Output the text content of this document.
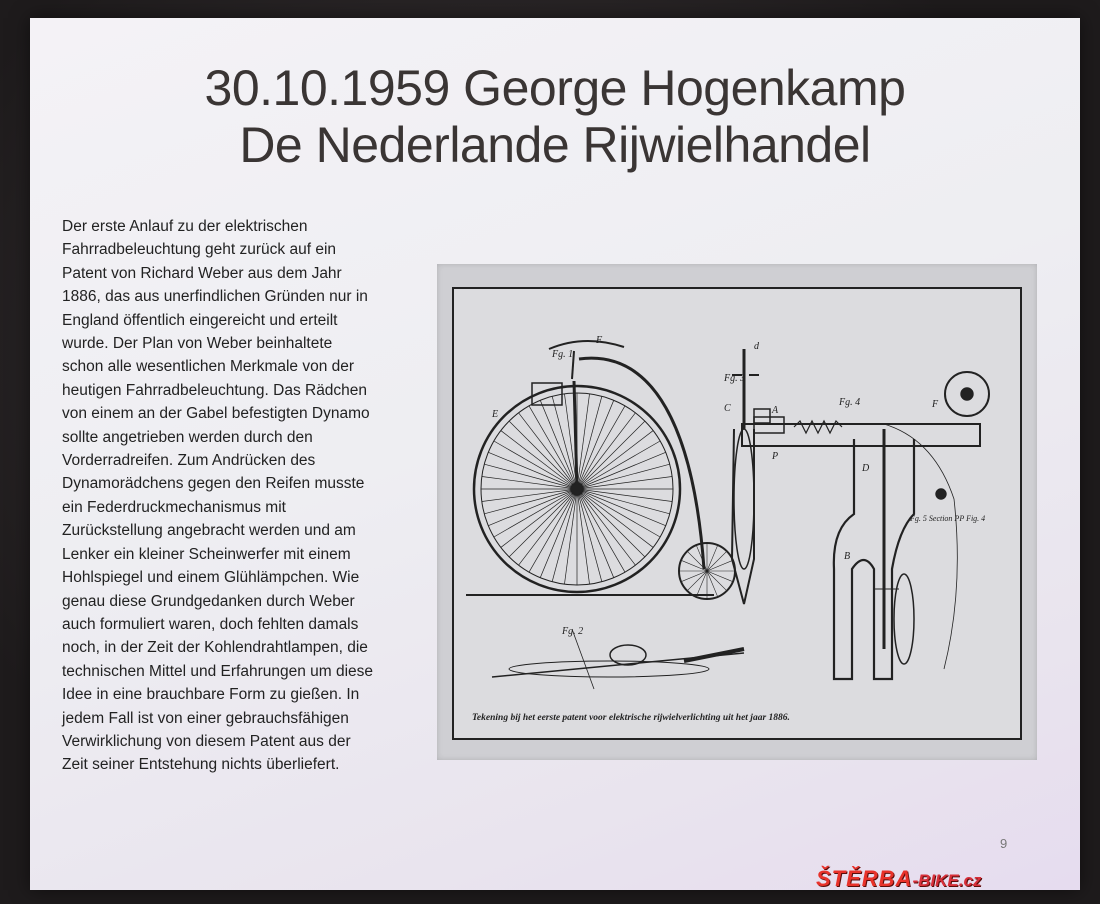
30.10.1959 George Hogenkamp
De Nederlande Rijwielhandel
Der erste Anlauf zu der elektrischen
Fahrradbeleuchtung geht zurück auf ein
Patent von Richard Weber aus dem Jahr
1886, das aus unerfindlichen Gründen nur in
England öffentlich eingereicht und erteilt
wurde. Der Plan von Weber beinhaltete
schon alle wesentlichen Merkmale von der
heutigen Fahrradbeleuchtung. Das Rädchen
von einem an der Gabel befestigten Dynamo
sollte angetrieben werden durch den
Vorderradreifen. Zum Andrücken des
Dynamorädchens gegen den Reifen musste
ein Federdruckmechanismus mit
Zurückstellung angebracht werden und am
Lenker ein kleiner Scheinwerfer mit einem
Hohlspiegel und einem Glühlämpchen. Wie
genau diese Grundgedanken durch Weber
auch formuliert waren, doch fehlten damals
noch, in der Zeit der Kohlendrahtlampen, die
technischen Mittel und Erfahrungen um diese
Idee in eine brauchbare Form zu gießen. In
jedem Fall ist von einer gebrauchsfähigen
Verwirklichung von diesem Patent aus der
Zeit seiner Entstehung nichts überliefert.
Fg. 1
E
F
Fg. 2
Fg. 3
d
A
C
P
Fg. 4	F
B
D
Fg. 5 Section PP Fig. 4
Tekening bij het eerste patent voor elektrische rijwielverlichting uit het jaar 1886.
9
ŠTĚRBA-BIKE.cz
